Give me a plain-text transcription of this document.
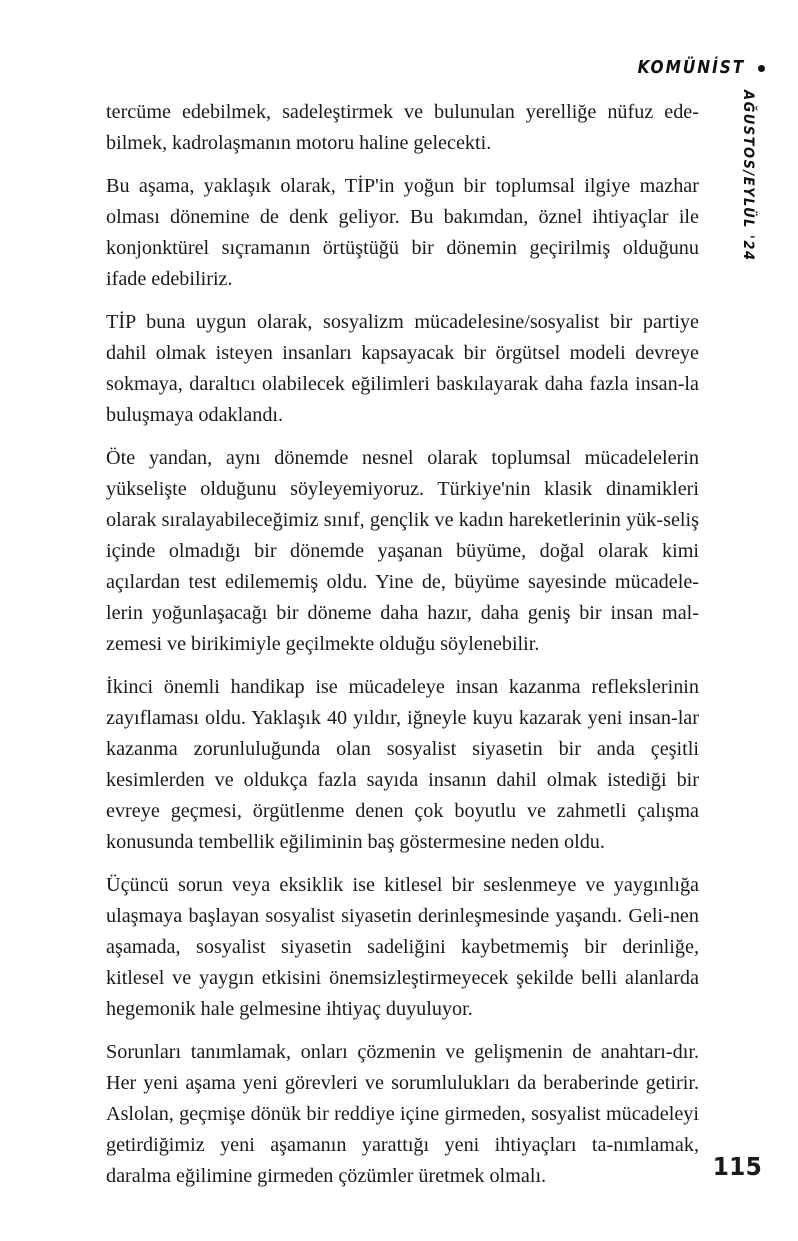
KOMÜNİST
AĞUSTOS/EYLÜL '24

tercüme edebilmek, sadeleştirmek ve bulunulan yerelliğe nüfuz ede-bilmek, kadrolaşmanın motoru haline gelecekti.

Bu aşama, yaklaşık olarak, TİP'in yoğun bir toplumsal ilgiye mazhar olması dönemine de denk geliyor. Bu bakımdan, öznel ihtiyaçlar ile konjonktürel sıçramanın örtüştüğü bir dönemin geçirilmiş olduğunu ifade edebiliriz.

TİP buna uygun olarak, sosyalizm mücadelesine/sosyalist bir partiye dahil olmak isteyen insanları kapsayacak bir örgütsel modeli devreye sokmaya, daraltıcı olabilecek eğilimleri baskılayarak daha fazla insan-la buluşmaya odaklandı.

Öte yandan, aynı dönemde nesnel olarak toplumsal mücadelelerin yükselişte olduğunu söyleyemiyoruz. Türkiye'nin klasik dinamikleri olarak sıralayabileceğimiz sınıf, gençlik ve kadın hareketlerinin yük-seliş içinde olmadığı bir dönemde yaşanan büyüme, doğal olarak kimi açılardan test edilememiş oldu. Yine de, büyüme sayesinde mücadele-lerin yoğunlaşacağı bir döneme daha hazır, daha geniş bir insan mal-zemesi ve birikimiyle geçilmekte olduğu söylenebilir.

İkinci önemli handikap ise mücadeleye insan kazanma reflekslerinin zayıflaması oldu. Yaklaşık 40 yıldır, iğneyle kuyu kazarak yeni insan-lar kazanma zorunluluğunda olan sosyalist siyasetin bir anda çeşitli kesimlerden ve oldukça fazla sayıda insanın dahil olmak istediği bir evreye geçmesi, örgütlenme denen çok boyutlu ve zahmetli çalışma konusunda tembellik eğiliminin baş göstermesine neden oldu.

Üçüncü sorun veya eksiklik ise kitlesel bir seslenmeye ve yaygınlığa ulaşmaya başlayan sosyalist siyasetin derinleşmesinde yaşandı. Geli-nen aşamada, sosyalist siyasetin sadeliğini kaybetmemiş bir derinliğe, kitlesel ve yaygın etkisini önemsizleştirmeyecek şekilde belli alanlarda hegemonik hale gelmesine ihtiyaç duyuluyor.

Sorunları tanımlamak, onları çözmenin ve gelişmenin de anahtarı-dır. Her yeni aşama yeni görevleri ve sorumlulukları da beraberinde getirir. Aslolan, geçmişe dönük bir reddiye içine girmeden, sosyalist mücadeleyi getirdiğimiz yeni aşamanın yarattığı yeni ihtiyaçları ta-nımlamak, daralma eğilimine girmeden çözümler üretmek olmalı.	115
